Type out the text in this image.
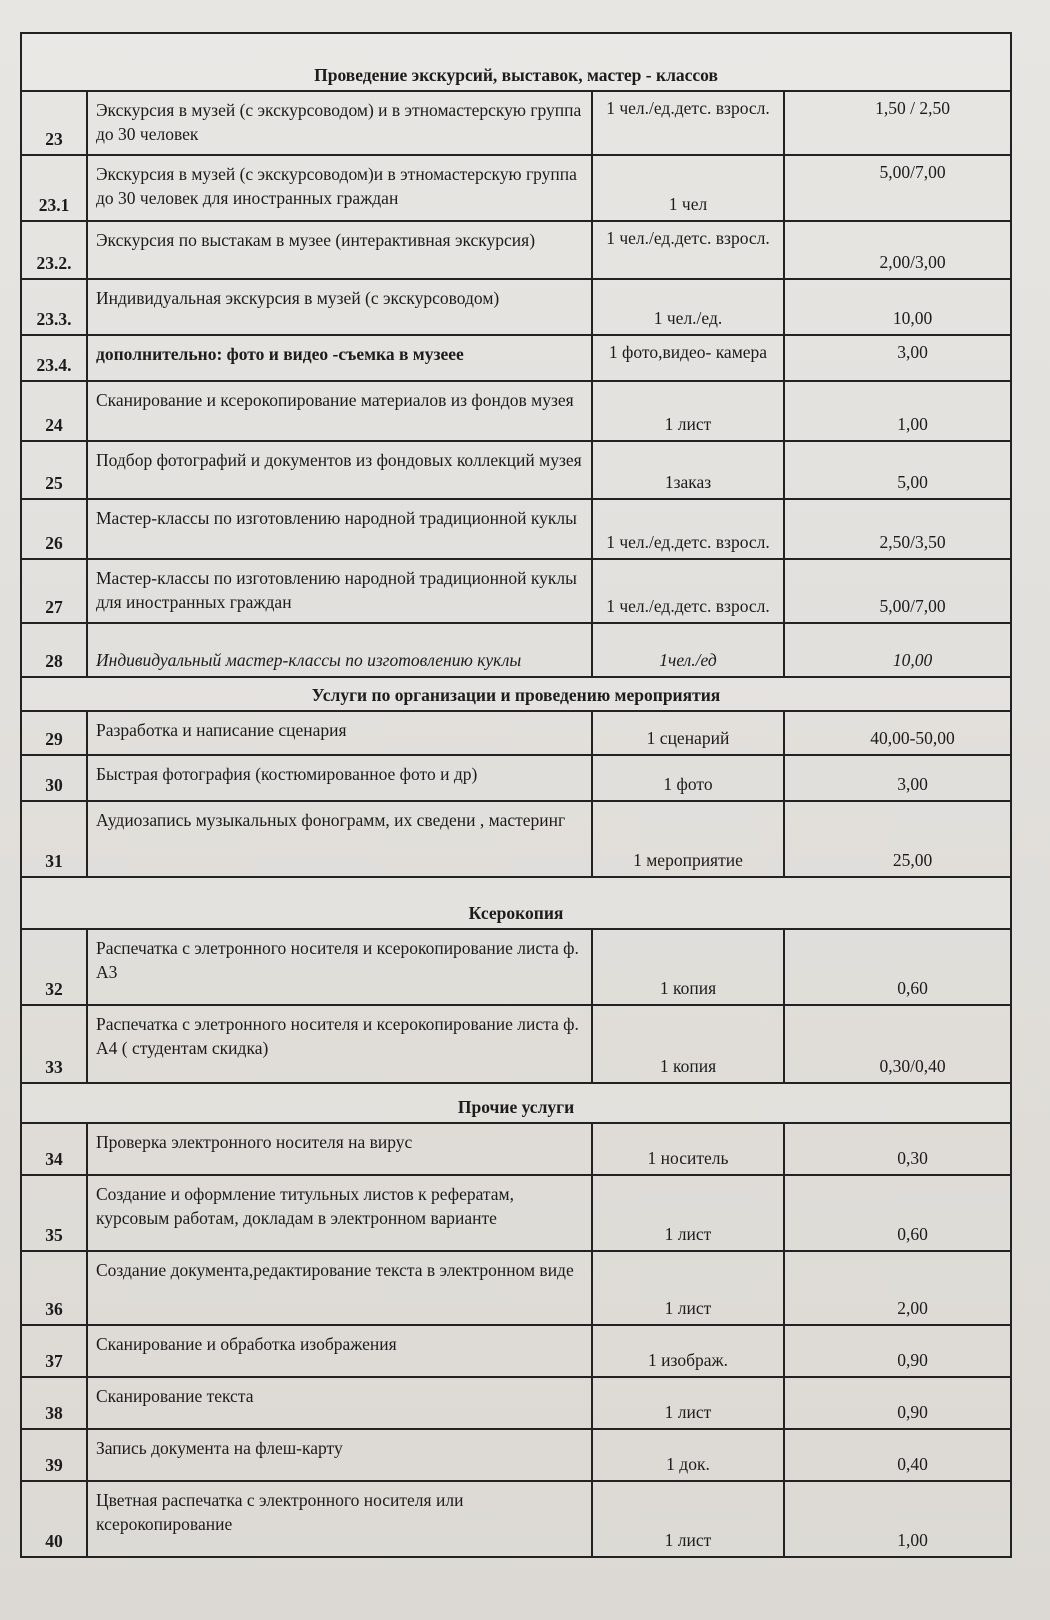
Проведение экскурсий, выставок, мастер - классов			
23	Экскурсия в музей (с экскурсоводом) и в этномастерскую группа до 30 человек	1 чел./ед.детс. взросл.	1,50 / 2,50
23.1	Экскурсия в музей (с экскурсоводом)и в этномастерскую группа до 30 человек для иностранных граждан	1 чел	5,00/7,00
23.2.	Экскурсия по выстакам в музее (интерактивная экскурсия)	1 чел./ед.детс. взросл.	2,00/3,00
23.3.	Индивидуальная экскурсия в музей (с экскурсоводом)	1 чел./ед.	10,00
23.4.	дополнительно: фото и видео -съемка в музеее	1 фото,видео- камера	3,00
24	Сканирование и ксерокопирование материалов из фондов музея	1 лист	1,00
25	Подбор фотографий и документов из фондовых коллекций музея	1заказ	5,00
26	Мастер-классы по изготовлению народной традиционной куклы	1 чел./ед.детс. взросл.	2,50/3,50
27	Мастер-классы по изготовлению народной традиционной куклы для иностранных граждан	1 чел./ед.детс. взросл.	5,00/7,00
28	Индивидуальный мастер-классы по изготовлению куклы	1чел./ед	10,00
Услуги по организации и проведению мероприятия			
29	Разработка и написание сценария	1 сценарий	40,00-50,00
30	Быстрая фотография (костюмированное фото и др)	1 фото	3,00
31	Аудиозапись музыкальных фонограмм, их сведени , мастеринг	1 мероприятие	25,00
Ксерокопия			
32	Распечатка с элетронного носителя и ксерокопирование листа ф. А3	1 копия	0,60
33	Распечатка с элетронного носителя и ксерокопирование листа ф. А4 ( студентам скидка)	1 копия	0,30/0,40
Прочие услуги			
34	Проверка электронного носителя на вирус	1 носитель	0,30
35	Создание и оформление титульных листов к рефератам, курсовым работам, докладам в электронном варианте	1 лист	0,60
36	Создание документа,редактирование текста в электронном виде	1 лист	2,00
37	Сканирование и обработка изображения	1 изображ.	0,90
38	Сканирование текста	1 лист	0,90
39	Запись документа на флеш-карту	1 док.	0,40
40	Цветная распечатка с электронного носителя или ксерокопирование	1 лист	1,00
